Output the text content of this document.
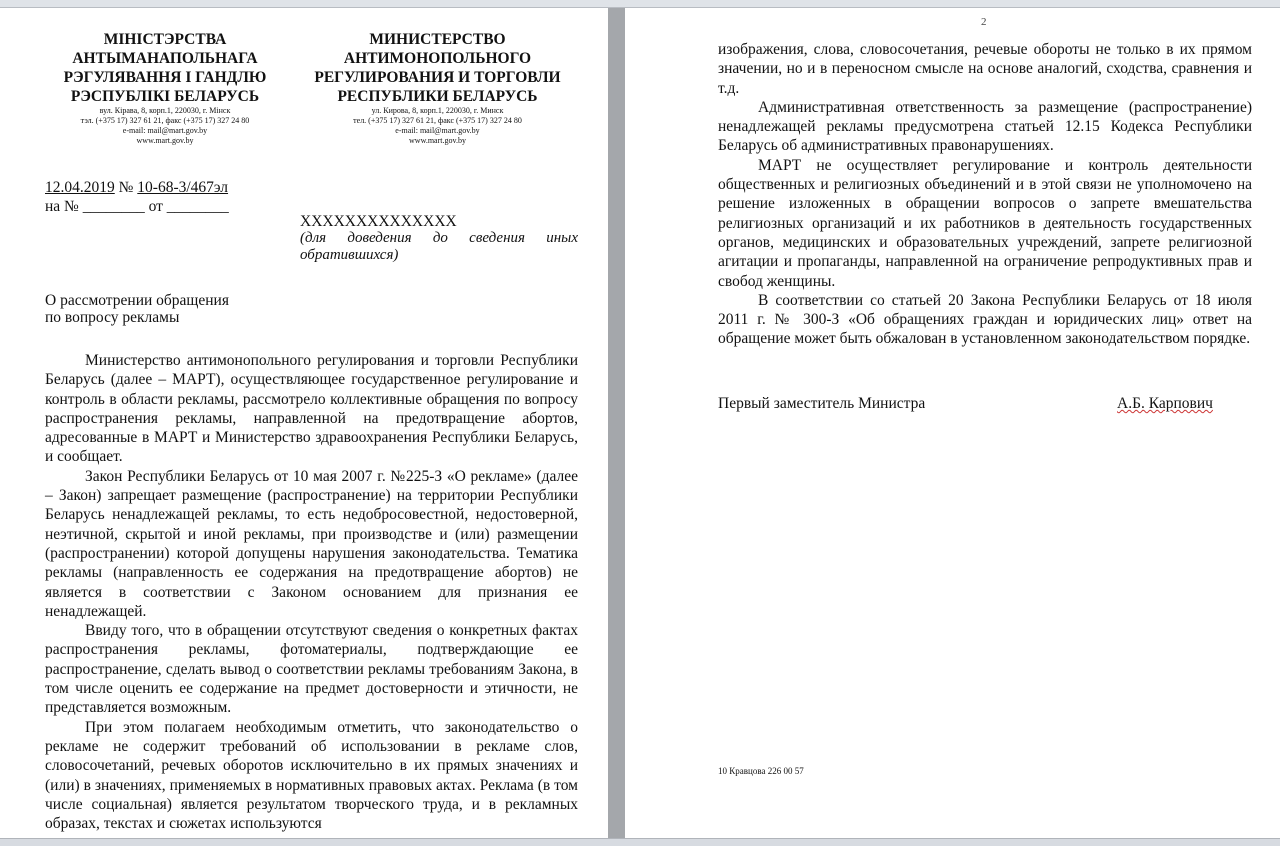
МІНІСТЭРСТВА
АНТЫМАНАПОЛЬНАГА
РЭГУЛЯВАННЯ І ГАНДЛЮ
РЭСПУБЛІКІ БЕЛАРУСЬ
вул. Кірава, 8, корп.1, 220030, г. Мінск
тэл. (+375 17) 327 61 21, факс (+375 17) 327 24 80
e-mail: mail@mart.gov.by
www.mart.gov.by
МИНИСТЕРСТВО
АНТИМОНОПОЛЬНОГО
РЕГУЛИРОВАНИЯ И ТОРГОВЛИ
РЕСПУБЛИКИ БЕЛАРУСЬ
ул. Кирова, 8, корп.1, 220030, г. Минск
тел. (+375 17) 327 61 21, факс (+375 17) 327 24 80
e-mail: mail@mart.gov.by
www.mart.gov.by
12.04.2019 № 10-68-3/467эл
на № ________ от ________
XXXXXXXXXXXXXX
(для доведения до сведения иных обратившихся)
О рассмотрении обращения
по вопросу рекламы

Министерство антимонопольного регулирования и торговли Республики Беларусь (далее – МАРТ), осуществляющее государственное регулирование и контроль в области рекламы, рассмотрело коллективные обращения по вопросу распространения рекламы, направленной на предотвращение абортов, адресованные в МАРТ и Министерство здравоохранения Республики Беларусь, и сообщает.

Закон Республики Беларусь от 10 мая 2007 г. №225-З «О рекламе» (далее – Закон) запрещает размещение (распространение) на территории Республики Беларусь ненадлежащей рекламы, то есть недобросовестной, недостоверной, неэтичной, скрытой и иной рекламы, при производстве и (или) размещении (распространении) которой допущены нарушения законодательства. Тематика рекламы (направленность ее содержания на предотвращение абортов) не является в соответствии с Законом основанием для признания ее ненадлежащей.

Ввиду того, что в обращении отсутствуют сведения о конкретных фактах распространения рекламы, фотоматериалы, подтверждающие ее распространение, сделать вывод о соответствии рекламы требованиям Закона, в том числе оценить ее содержание на предмет достоверности и этичности, не представляется возможным.

При этом полагаем необходимым отметить, что законодательство о рекламе не содержит требований об использовании в рекламе слов, словосочетаний, речевых оборотов исключительно в их прямых значениях и (или) в значениях, применяемых в нормативных правовых актах. Реклама (в том числе социальная) является результатом творческого труда, и в рекламных образах, текстах и сюжетах используются

2
изображения, слова, словосочетания, речевые обороты не только в их прямом значении, но и в переносном смысле на основе аналогий, сходства, сравнения и т.д.

Административная ответственность за размещение (распространение) ненадлежащей рекламы предусмотрена статьей 12.15 Кодекса Республики Беларусь об административных правонарушениях.

МАРТ не осуществляет регулирование и контроль деятельности общественных и религиозных объединений и в этой связи не уполномочено на решение изложенных в обращении вопросов о запрете вмешательства религиозных организаций и их работников в деятельность государственных органов, медицинских и образовательных учреждений, запрете религиозной агитации и пропаганды, направленной на ограничение репродуктивных прав и свобод женщины.

В соответствии со статьей 20 Закона Республики Беларусь от 18 июля 2011 г. № 300-З «Об обращениях граждан и юридических лиц» ответ на обращение может быть обжалован в установленном законодательством порядке.

Первый заместитель Министра	А.Б. Карпович
10 Кравцова 226 00 57
